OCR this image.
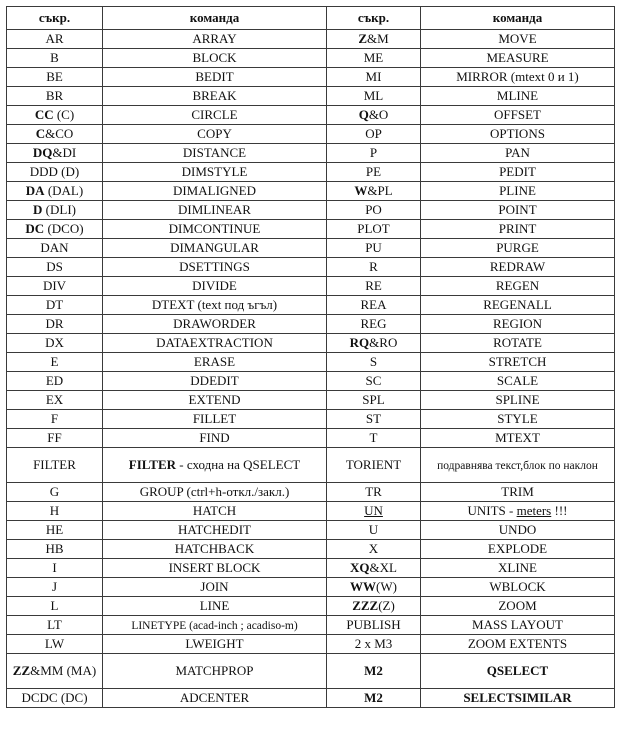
съкр.	команда	съкр.	команда
AR	ARRAY	Z&M	MOVE
B	BLOCK	ME	MEASURE
BE	BEDIT	MI	MIRROR (mtext 0 и 1)
BR	BREAK	ML	MLINE
CC (C)	CIRCLE	Q&O	OFFSET
C&CO	COPY	OP	OPTIONS
DQ&DI	DISTANCE	P	PAN
DDD (D)	DIMSTYLE	PE	PEDIT
DA (DAL)	DIMALIGNED	W&PL	PLINE
D (DLI)	DIMLINEAR	PO	POINT
DC (DCO)	DIMCONTINUE	PLOT	PRINT
DAN	DIMANGULAR	PU	PURGE
DS	DSETTINGS	R	REDRAW
DIV	DIVIDE	RE	REGEN
DT	DTEXT (text под ъгъл)	REA	REGENALL
DR	DRAWORDER	REG	REGION
DX	DATAEXTRACTION	RQ&RO	ROTATE
E	ERASE	S	STRETCH
ED	DDEDIT	SC	SCALE
EX	EXTEND	SPL	SPLINE
F	FILLET	ST	STYLE
FF	FIND	T	MTEXT
FILTER	FILTER - сходна на QSELECT	TORIENT	подравнява текст,блок по наклон
G	GROUP (ctrl+h-откл./закл.)	TR	TRIM
H	HATCH	UN	UNITS - meters !!!
HE	HATCHEDIT	U	UNDO
HB	HATCHBACK	X	EXPLODE
I	INSERT BLOCK	XQ&XL	XLINE
J	JOIN	WW(W)	WBLOCK
L	LINE	ZZZ(Z)	ZOOM
LT	LINETYPE (acad-inch ; acadiso-m)	PUBLISH	MASS LAYOUT
LW	LWEIGHT	2 x M3	ZOOM EXTENTS
ZZ&MM (MA)	MATCHPROP	M2	QSELECT
DCDC (DC)	ADCENTER	M2	SELECTSIMILAR
